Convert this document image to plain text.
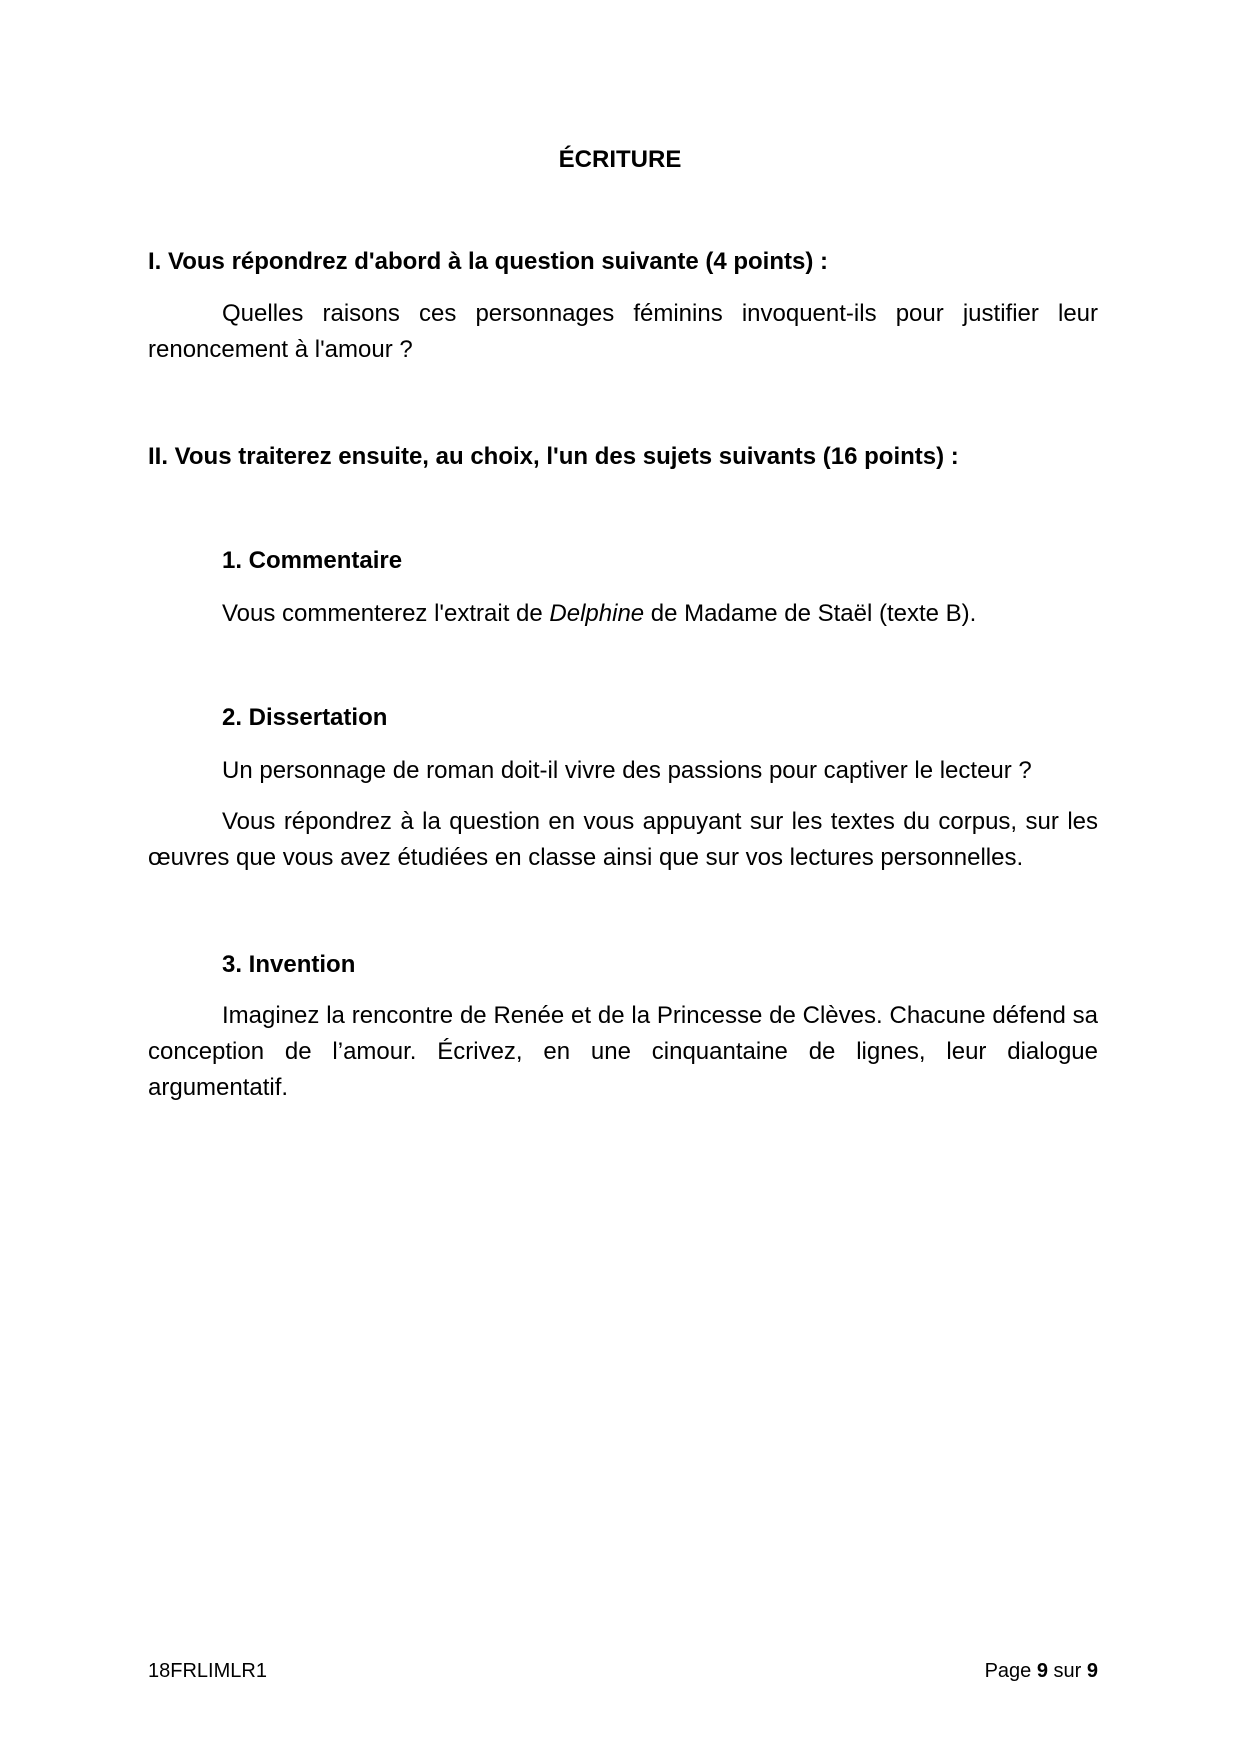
ÉCRITURE
I. Vous répondrez d'abord à la question suivante (4 points) :
Quelles raisons ces personnages féminins invoquent-ils pour justifier leur renoncement à l'amour ?
II. Vous traiterez ensuite, au choix, l'un des sujets suivants (16 points) :
1. Commentaire
Vous commenterez l'extrait de Delphine de Madame de Staël (texte B).
2. Dissertation
Un personnage de roman doit-il vivre des passions pour captiver le lecteur ?
Vous répondrez à la question en vous appuyant sur les textes du corpus, sur les œuvres que vous avez étudiées en classe ainsi que sur vos lectures personnelles.
3. Invention
Imaginez la rencontre de Renée et de la Princesse de Clèves. Chacune défend sa conception de l’amour. Écrivez, en une cinquantaine de lignes, leur dialogue argumentatif.
18FRLIMLR1	Page 9 sur 9
